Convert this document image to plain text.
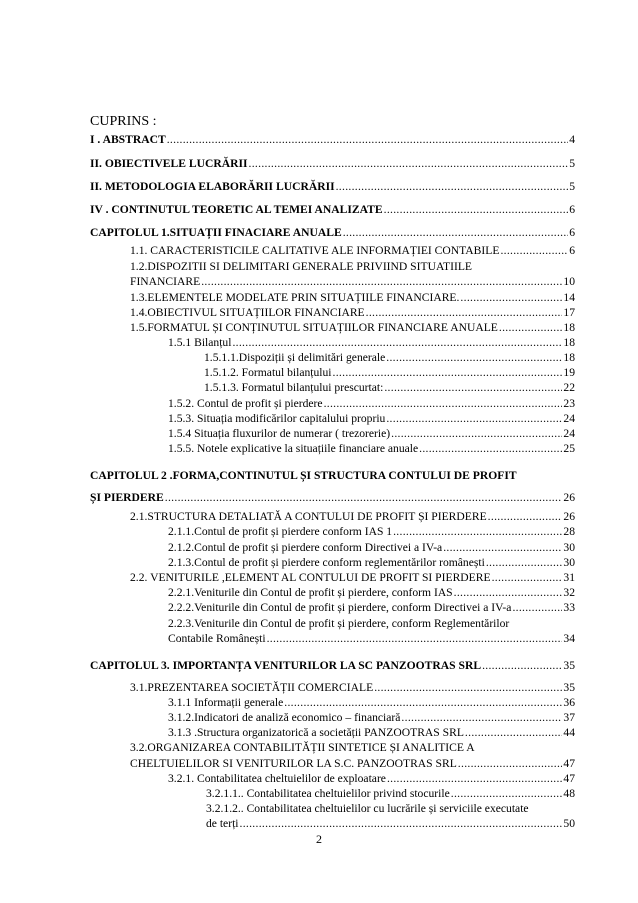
CUPRINS :
I . ABSTRACT .....	4
II. OBIECTIVELE LUCRĂRII .....	5
II. METODOLOGIA ELABORĂRII LUCRĂRII .....	5
IV . CONTINUTUL TEORETIC AL TEMEI ANALIZATE .....	6
CAPITOLUL 1.SITUAȚII FINACIARE ANUALE .....	6
1.1. CARACTERISTICILE CALITATIVE ALE INFORMAȚIEI CONTABILE .....	6
1.2.DISPOZITII SI DELIMITARI GENERALE PRIVIIND SITUATIILE
FINANCIARE .....	10
1.3.ELEMENTELE MODELATE PRIN SITUAȚIILE FINANCIARE. .....	14
1.4.OBIECTIVUL SITUAȚIILOR FINANCIARE .....	17
1.5.FORMATUL ȘI CONȚINUTUL SITUAȚIILOR FINANCIARE ANUALE .....	18
1.5.1 Bilanțul .....	18
1.5.1.1.Dispoziții și delimitări generale .....	18
1.5.1.2. Formatul bilanțului .....	19
1.5.1.3. Formatul bilanțului prescurtat: .....	22
1.5.2. Contul de profit și pierdere .....	23
1.5.3. Situația modificărilor capitalului propriu .....	24
1.5.4 Situația fluxurilor de numerar ( trezorerie) .....	24
1.5.5. Notele explicative la situațiile financiare anuale .....	25
CAPITOLUL 2 .FORMA,CONTINUTUL ȘI STRUCTURA CONTULUI DE PROFIT
ȘI PIERDERE .....	26
2.1.STRUCTURA DETALIATĂ A CONTULUI DE PROFIT ȘI PIERDERE .....	26
2.1.1.Contul de profit și pierdere conform IAS 1 .....	28
2.1.2.Contul de profit și pierdere conform Directivei a IV-a .....	30
2.1.3.Contul de profit și pierdere conform reglementărilor românești .....	30
2.2. VENITURILE ,ELEMENT AL CONTULUI DE PROFIT SI PIERDERE .....	31
2.2.1.Veniturile din Contul de profit și pierdere, conform IAS .....	32
2.2.2.Veniturile din Contul de profit și pierdere, conform Directivei a IV-a .....	33
2.2.3.Veniturile din Contul de profit și pierdere, conform Reglementărilor
Contabile Românești .....	34
CAPITOLUL 3. IMPORTANȚA VENITURILOR LA SC PANZOOTRAS SRL .....	35
3.1.PREZENTAREA SOCIETĂȚII COMERCIALE .....	35
3.1.1 Informații generale .....	36
3.1.2.Indicatori de analiză economico – financiară .....	37
3.1.3 .Structura organizatorică a societății PANZOOTRAS SRL .....	44
3.2.ORGANIZAREA CONTABILITĂȚII SINTETICE ȘI ANALITICE A
CHELTUIELILOR SI VENITURILOR LA S.C. PANZOOTRAS SRL .....	47
3.2.1. Contabilitatea cheltuielilor de exploatare .....	47
3.2.1.1.. Contabilitatea cheltuielilor privind stocurile .....	48
3.2.1.2.. Contabilitatea cheltuielilor cu lucrările și serviciile executate
de terți .....	50
2
